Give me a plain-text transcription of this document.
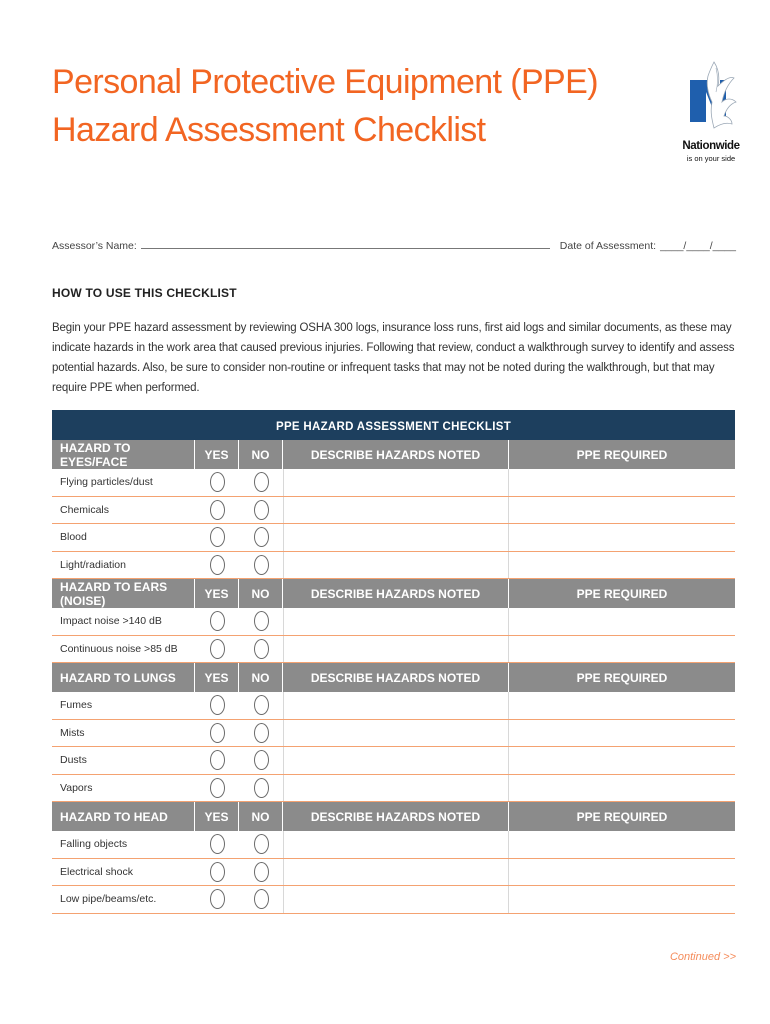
Personal Protective Equipment (PPE)
Hazard Assessment Checklist	Nationwide
is on your side
Assessor’s Name:	Date of Assessment: ____/____/____
HOW TO USE THIS CHECKLIST

Begin your PPE hazard assessment by reviewing OSHA 300 logs, insurance loss runs, first aid logs and similar documents, as these may indicate hazards in the work area that caused previous injuries. Following that review, conduct a walkthrough survey to identify and assess potential hazards. Also, be sure to consider non-routine or infrequent tasks that may not be noted during the walkthrough, but that may require PPE when performed.

PPE HAZARD ASSESSMENT CHECKLIST
HAZARD TO EYES/FACE	YES	NO	DESCRIBE HAZARDS NOTED	PPE REQUIRED
Flying particles/dust
Chemicals
Blood
Light/radiation
HAZARD TO EARS (NOISE)	YES	NO	DESCRIBE HAZARDS NOTED	PPE REQUIRED
Impact noise >140 dB
Continuous noise >85 dB
HAZARD TO LUNGS	YES	NO	DESCRIBE HAZARDS NOTED	PPE REQUIRED
Fumes
Mists
Dusts
Vapors
HAZARD TO HEAD	YES	NO	DESCRIBE HAZARDS NOTED	PPE REQUIRED
Falling objects
Electrical shock
Low pipe/beams/etc.
Continued >>
